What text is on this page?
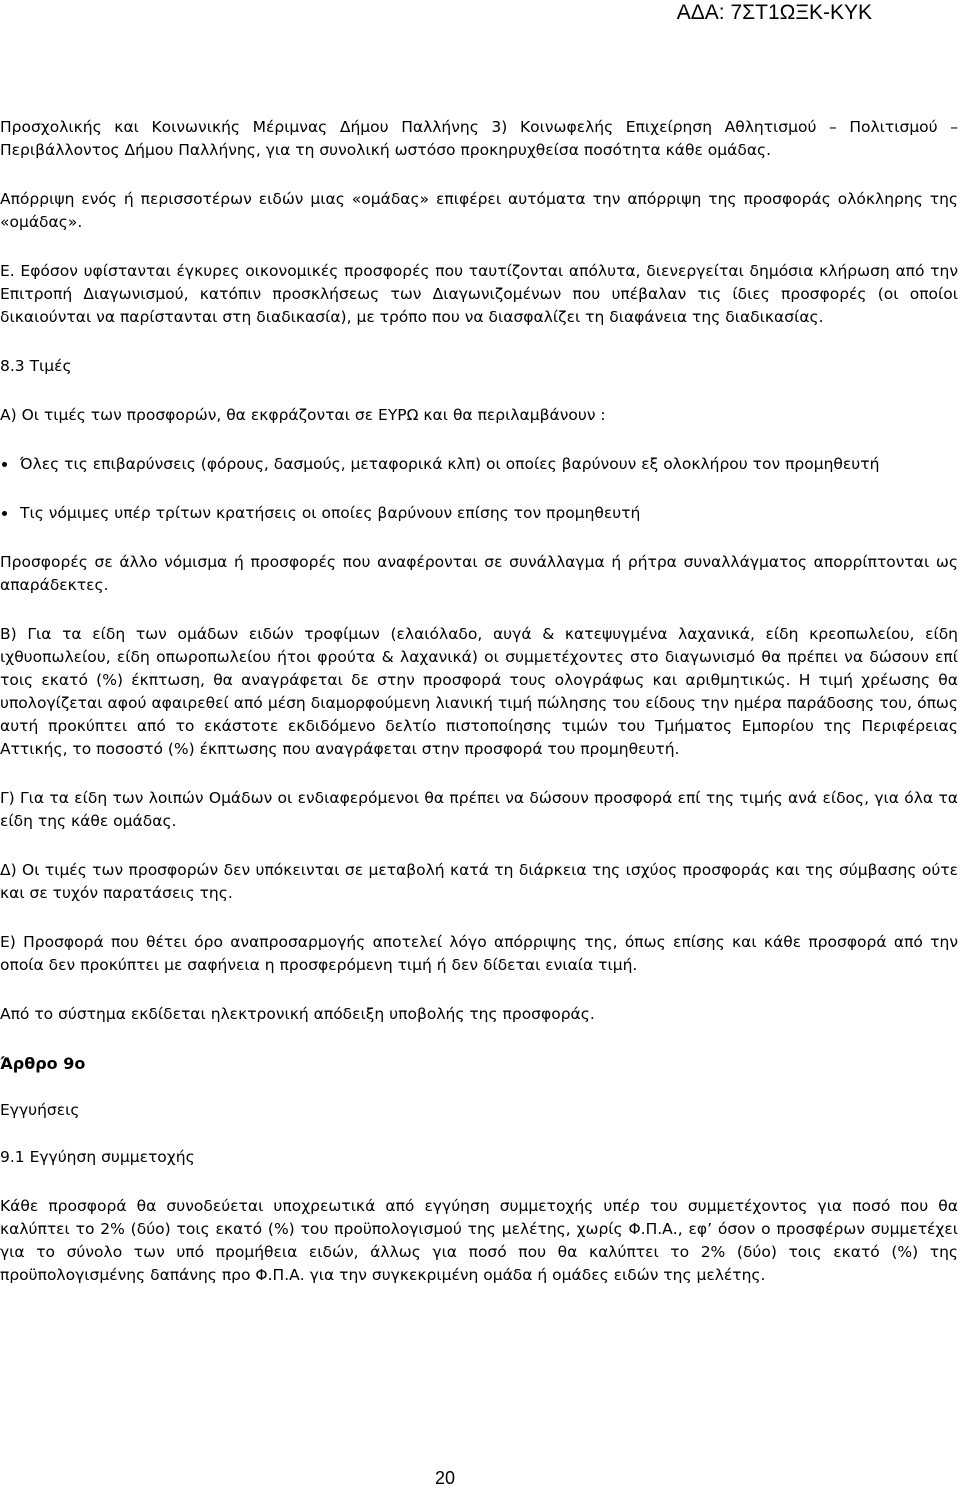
ΑΔΑ: 7ΣΤ1ΩΞΚ-ΚΥΚ

Προσχολικής και Κοινωνικής Μέριμνας Δήμου Παλλήνης 3) Κοινωφελής Επιχείρηση Αθλητισμού – Πολιτισμού – Περιβάλλοντος Δήμου Παλλήνης, για τη συνολική ωστόσο προκηρυχθείσα ποσότητα κάθε ομάδας.

Απόρριψη ενός ή περισσοτέρων ειδών μιας «ομάδας» επιφέρει αυτόματα την απόρριψη της προσφοράς ολόκληρης της «ομάδας».

Ε. Εφόσον υφίστανται έγκυρες οικονομικές προσφορές που ταυτίζονται απόλυτα, διενεργείται δημόσια κλήρωση από την Επιτροπή Διαγωνισμού, κατόπιν προσκλήσεως των Διαγωνιζομένων που υπέβαλαν τις ίδιες προσφορές (οι οποίοι δικαιούνται να παρίστανται στη διαδικασία), με τρόπο που να διασφαλίζει τη διαφάνεια της διαδικασίας.

8.3 Τιμές

Α) Οι τιμές των προσφορών, θα εκφράζονται σε ΕΥΡΩ και θα περιλαμβάνουν :

Όλες τις επιβαρύνσεις (φόρους, δασμούς, μεταφορικά κλπ) οι οποίες βαρύνουν εξ ολοκλήρου τον προμηθευτή
Τις νόμιμες υπέρ τρίτων κρατήσεις οι οποίες βαρύνουν επίσης τον προμηθευτή

Προσφορές σε άλλο νόμισμα ή προσφορές που αναφέρονται σε συνάλλαγμα ή ρήτρα συναλλάγματος απορρίπτονται ως απαράδεκτες.

Β) Για τα είδη των ομάδων ειδών τροφίμων (ελαιόλαδο, αυγά & κατεψυγμένα λαχανικά, είδη κρεοπωλείου, είδη ιχθυοπωλείου, είδη οπωροπωλείου ήτοι φρούτα & λαχανικά) οι συμμετέχοντες στο διαγωνισμό θα πρέπει να δώσουν επί τοις εκατό (%) έκπτωση, θα αναγράφεται δε στην προσφορά τους ολογράφως και αριθμητικώς. Η τιμή χρέωσης θα υπολογίζεται αφού αφαιρεθεί από μέση διαμορφούμενη λιανική τιμή πώλησης του είδους την ημέρα παράδοσης του, όπως αυτή προκύπτει από το εκάστοτε εκδιδόμενο δελτίο πιστοποίησης τιμών του Τμήματος Εμπορίου της Περιφέρειας Αττικής, το ποσοστό (%) έκπτωσης που αναγράφεται στην προσφορά του προμηθευτή.

Γ) Για τα είδη των λοιπών Ομάδων οι ενδιαφερόμενοι θα πρέπει να δώσουν προσφορά επί της τιμής ανά είδος, για όλα τα είδη της κάθε ομάδας.

Δ) Οι τιμές των προσφορών δεν υπόκεινται σε μεταβολή κατά τη διάρκεια της ισχύος προσφοράς και της σύμβασης ούτε και σε τυχόν παρατάσεις της.

Ε) Προσφορά που θέτει όρο αναπροσαρμογής αποτελεί λόγο απόρριψης της, όπως επίσης και κάθε προσφορά από την οποία δεν προκύπτει με σαφήνεια η προσφερόμενη τιμή ή δεν δίδεται ενιαία τιμή.

Από το σύστημα εκδίδεται ηλεκτρονική απόδειξη υποβολής της προσφοράς.

Άρθρο 9ο

Εγγυήσεις

9.1 Εγγύηση συμμετοχής

Κάθε προσφορά θα συνοδεύεται υποχρεωτικά από εγγύηση συμμετοχής υπέρ του συμμετέχοντος για ποσό που θα καλύπτει το 2% (δύο) τοις εκατό (%) του προϋπολογισμού της μελέτης, χωρίς Φ.Π.Α., εφ’ όσον ο προσφέρων συμμετέχει για το σύνολο των υπό προμήθεια ειδών, άλλως για ποσό που θα καλύπτει το 2% (δύο) τοις εκατό (%) της προϋπολογισμένης δαπάνης προ Φ.Π.Α. για την συγκεκριμένη ομάδα ή ομάδες ειδών της μελέτης.

20
